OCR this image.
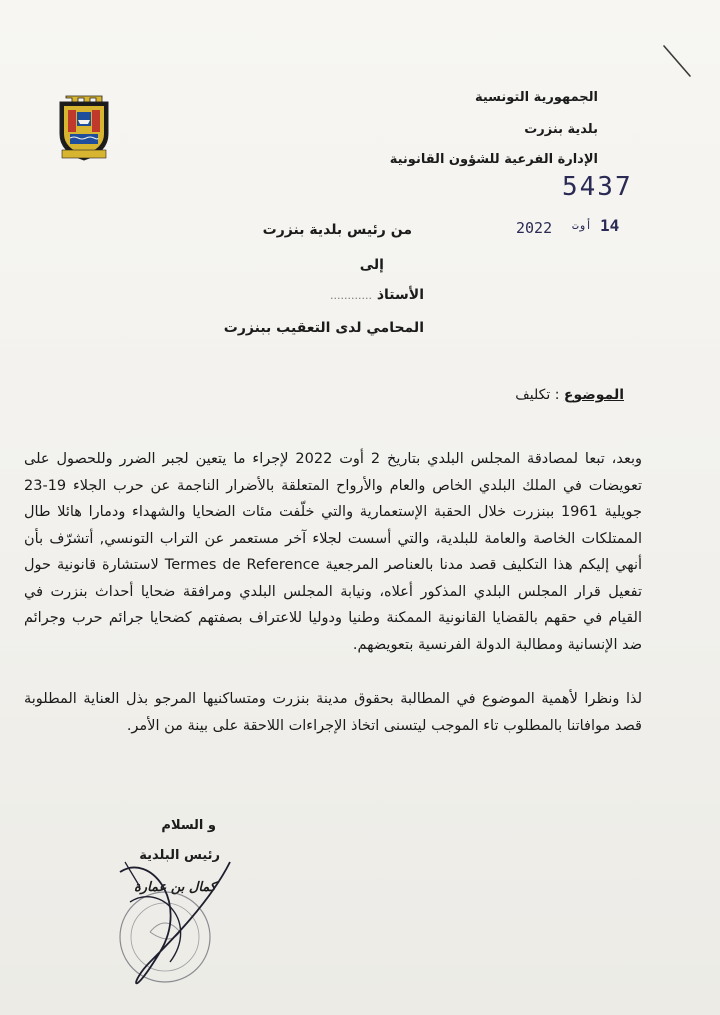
الجمهورية التونسية
بلدية بنزرت
الإدارة الفرعية للشؤون القانونية
5437
2022 أوت 14
من رئيس بلدية بنزرت
إلى
الأستاذ ............
المحامي لدى التعقيب ببنزرت
الموضوع : تكليف

وبعد، تبعا لمصادقة المجلس البلدي بتاريخ 2 أوت 2022 لإجراء ما يتعين لجبر الضرر وللحصول على تعويضات في الملك البلدي الخاص والعام والأرواح المتعلقة بالأضرار الناجمة عن حرب الجلاء 19-23 جويلية 1961 ببنزرت خلال الحقبة الإستعمارية والتي خلّفت مئات الضحايا والشهداء ودمارا هائلا طال الممتلكات الخاصة والعامة للبلدية، والتي أسست لجلاء آخر مستعمر عن التراب التونسي, أتشرّف بأن أنهي إليكم هذا التكليف قصد مدنا بالعناصر المرجعية Termes de Reference لاستشارة قانونية حول تفعيل قرار المجلس البلدي المذكور أعلاه، ونيابة المجلس البلدي ومرافقة ضحايا أحداث بنزرت في القيام في حقهم بالقضايا القانونية الممكنة وطنيا ودوليا للاعتراف بصفتهم كضحايا جرائم حرب وجرائم ضد الإنسانية ومطالبة الدولة الفرنسية بتعويضهم.

لذا ونظرا لأهمية الموضوع في المطالبة بحقوق مدينة بنزرت ومتساكنيها المرجو بذل العناية المطلوبة قصد موافاتنا بالمطلوب تاء الموجب ليتسنى اتخاذ الإجراءات اللاحقة على بينة من الأمر.

و السلام
رئيس البلدية
كمال بن عمارة
